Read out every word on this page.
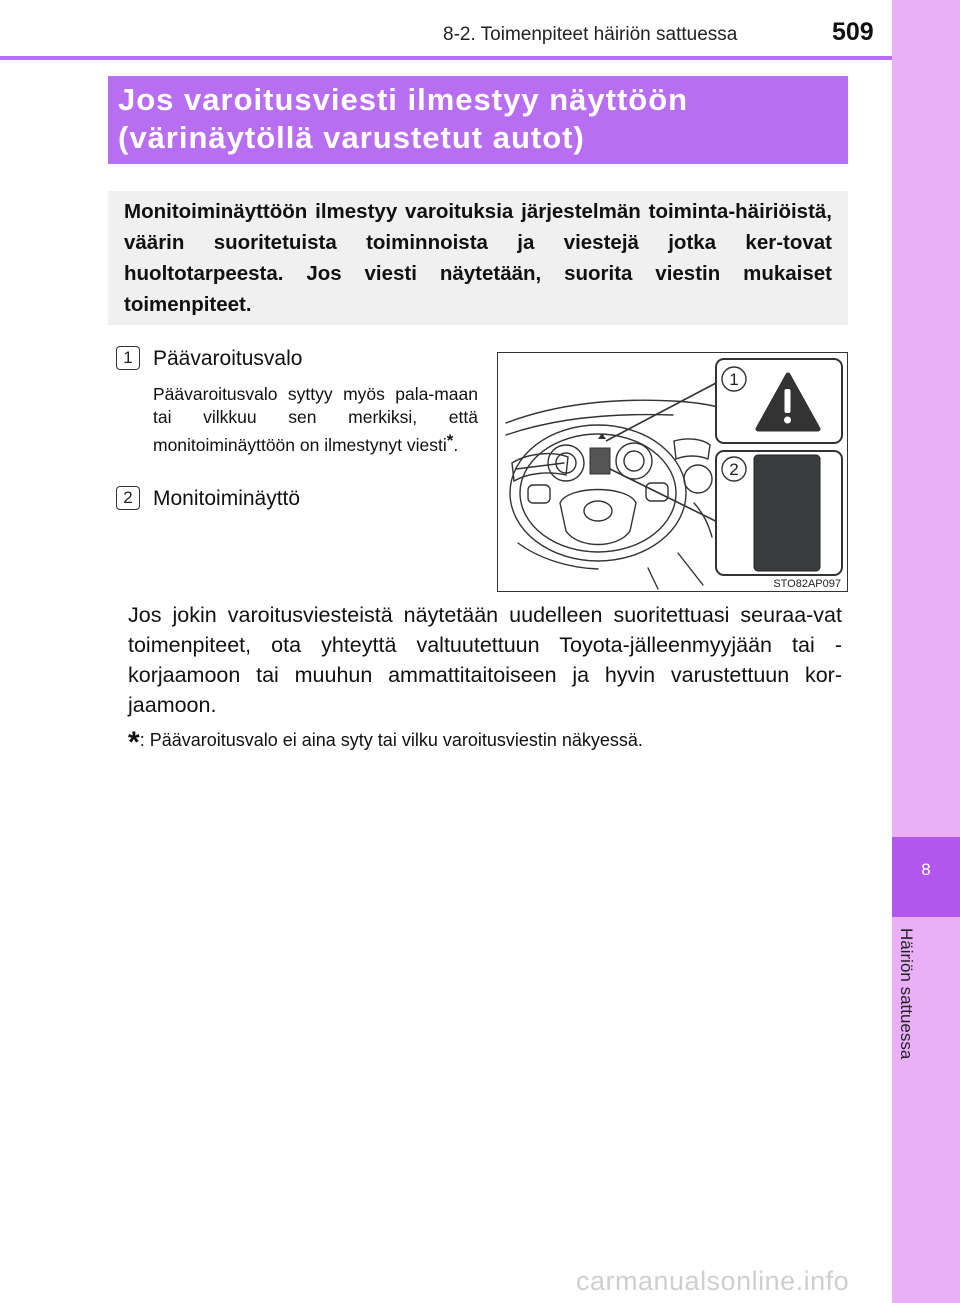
8-2. Toimenpiteet häiriön sattuessa	509
8
Häiriön sattuessa
Jos varoitusviesti ilmestyy näyttöön
(värinäytöllä varustetut autot)

Monitoiminäyttöön ilmestyy varoituksia järjestelmän toiminta-häiriöistä, väärin suoritetuista toiminnoista ja viestejä jotka ker-tovat huoltotarpeesta. Jos viesti näytetään, suorita viestin mukaiset toimenpiteet.

1 Päävaroitusvalo
Päävaroitusvalo syttyy myös pala-maan tai vilkkuu sen merkiksi, että monitoiminäyttöön on ilmestynyt viesti*.
2 Monitoiminäyttö
1
2
STO82AP097

Jos jokin varoitusviesteistä näytetään uudelleen suoritettuasi seuraa-vat toimenpiteet, ota yhteyttä valtuutettuun Toyota-jälleenmyyjään tai -korjaamoon tai muuhun ammattitaitoiseen ja hyvin varustettuun kor-jaamoon.

*: Päävaroitusvalo ei aina syty tai vilku varoitusviestin näkyessä.
carmanualsonline.info
